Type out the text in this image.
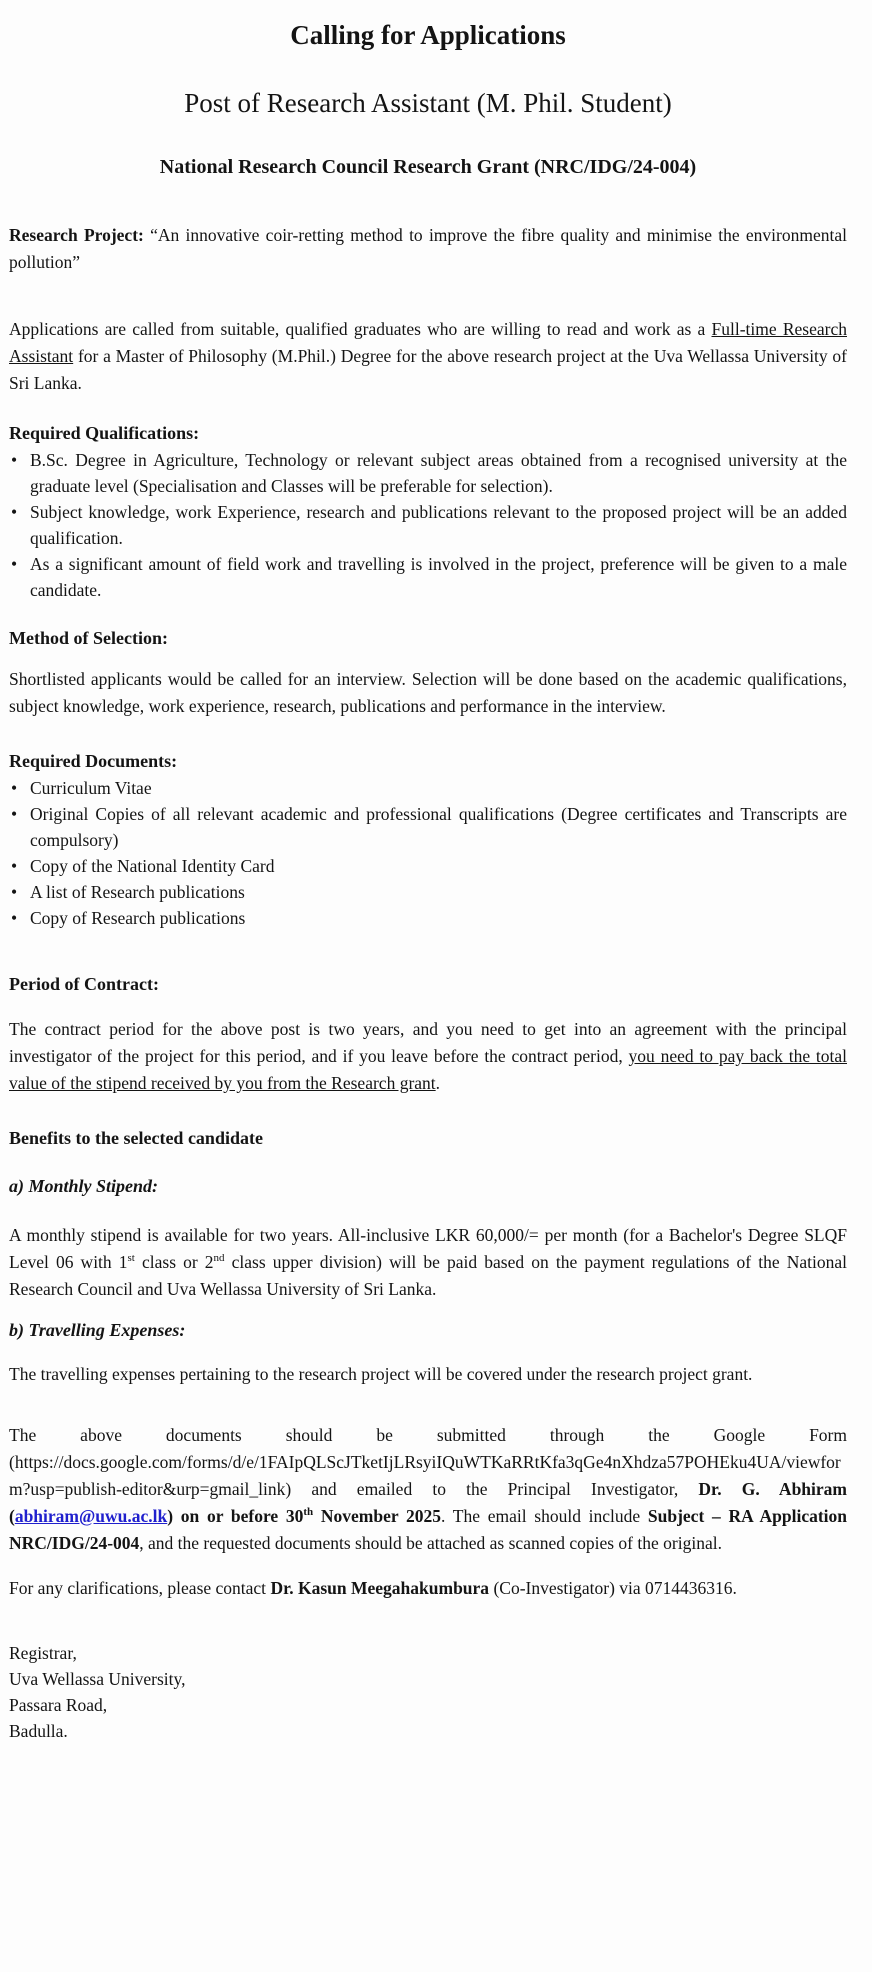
Calling for Applications
Post of Research Assistant (M. Phil. Student)
National Research Council Research Grant (NRC/IDG/24-004)

Research Project: “An innovative coir-retting method to improve the fibre quality and minimise the environmental pollution”

Applications are called from suitable, qualified graduates who are willing to read and work as a Full-time Research Assistant for a Master of Philosophy (M.Phil.) Degree for the above research project at the Uva Wellassa University of Sri Lanka.

Required Qualifications:
• B.Sc. Degree in Agriculture, Technology or relevant subject areas obtained from a recognised university at the graduate level (Specialisation and Classes will be preferable for selection).
• Subject knowledge, work Experience, research and publications relevant to the proposed project will be an added qualification.
• As a significant amount of field work and travelling is involved in the project, preference will be given to a male candidate.
Method of Selection:

Shortlisted applicants would be called for an interview. Selection will be done based on the academic qualifications, subject knowledge, work experience, research, publications and performance in the interview.

Required Documents:
• Curriculum Vitae
• Original Copies of all relevant academic and professional qualifications (Degree certificates and Transcripts are compulsory)
• Copy of the National Identity Card
• A list of Research publications
• Copy of Research publications
Period of Contract:

The contract period for the above post is two years, and you need to get into an agreement with the principal investigator of the project for this period, and if you leave before the contract period, you need to pay back the total value of the stipend received by you from the Research grant.

Benefits to the selected candidate
a) Monthly Stipend:

A monthly stipend is available for two years. All-inclusive LKR 60,000/= per month (for a Bachelor's Degree SLQF Level 06 with 1st class or 2nd class upper division) will be paid based on the payment regulations of the National Research Council and Uva Wellassa University of Sri Lanka.

b) Travelling Expenses:

The travelling expenses pertaining to the research project will be covered under the research project grant.

The above documents should be submitted through the Google Form (https://docs.google.com/forms/d/e/1FAIpQLScJTketIjLRsyiIQuWTKaRRtKfa3qGe4nXhdza57POHEku4UA/viewform?usp=publish-editor&urp=gmail_link) and emailed to the Principal Investigator, Dr. G. Abhiram (abhiram@uwu.ac.lk) on or before 30th November 2025. The email should include Subject – RA Application NRC/IDG/24-004, and the requested documents should be attached as scanned copies of the original.

For any clarifications, please contact Dr. Kasun Meegahakumbura (Co-Investigator) via 0714436316.

Registrar,
Uva Wellassa University,
Passara Road,
Badulla.
